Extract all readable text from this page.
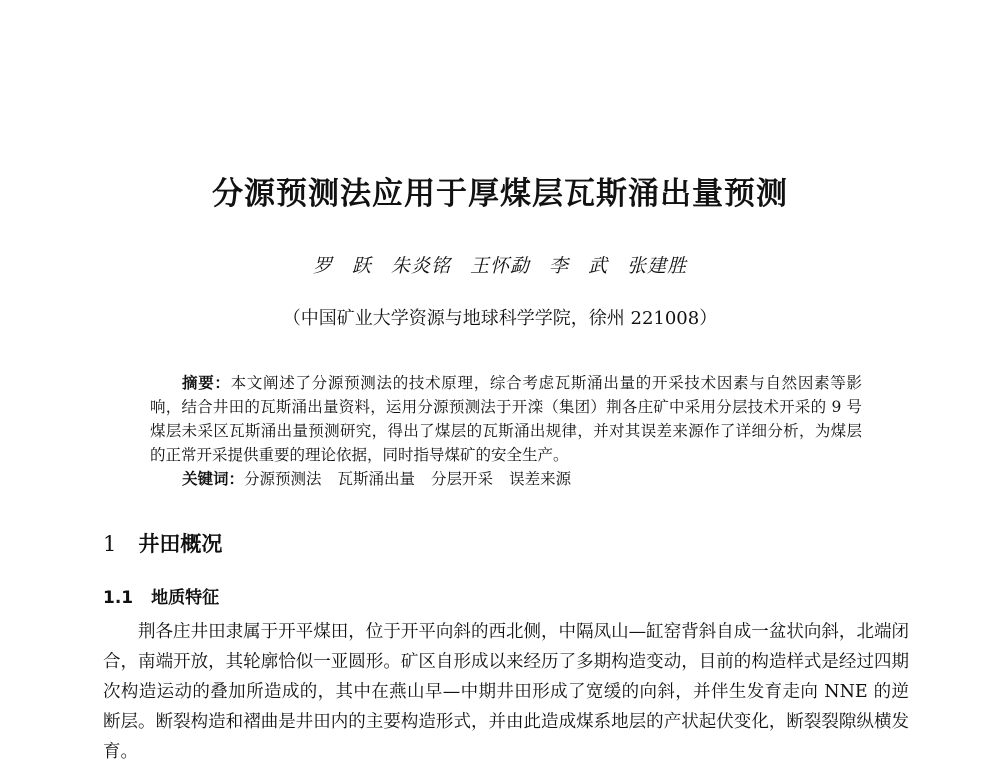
分源预测法应用于厚煤层瓦斯涌出量预测
罗 跃 朱炎铭 王怀勐 李 武 张建胜
（中国矿业大学资源与地球科学学院，徐州 221008）

摘要：本文阐述了分源预测法的技术原理，综合考虑瓦斯涌出量的开采技术因素与自然因素等影响，结合井田的瓦斯涌出量资料，运用分源预测法于开滦（集团）荆各庄矿中采用分层技术开采的 9 号煤层未采区瓦斯涌出量预测研究，得出了煤层的瓦斯涌出规律，并对其误差来源作了详细分析，为煤层的正常开采提供重要的理论依据，同时指导煤矿的安全生产。

关键词：分源预测法 瓦斯涌出量 分层开采 误差来源

1 井田概况
1.1 地质特征

荆各庄井田隶属于开平煤田，位于开平向斜的西北侧，中隔凤山—缸窑背斜自成一盆状向斜，北端闭合，南端开放，其轮廓恰似一亚圆形。矿区自形成以来经历了多期构造变动，目前的构造样式是经过四期次构造运动的叠加所造成的，其中在燕山早—中期井田形成了宽缓的向斜，并伴生发育走向 NNE 的逆断层。断裂构造和褶曲是井田内的主要构造形式，并由此造成煤系地层的产状起伏变化，断裂裂隙纵横发育。
